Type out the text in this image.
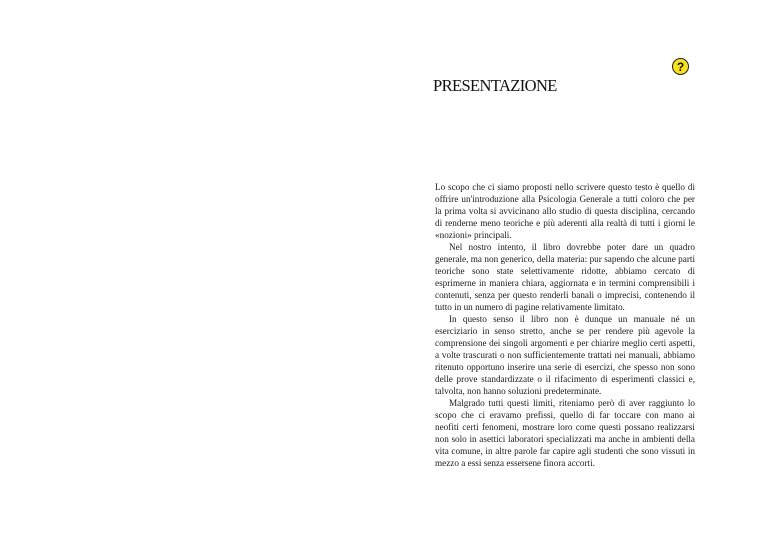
?
PRESENTAZIONE

Lo scopo che ci siamo proposti nello scrivere questo testo è quello di offrire un'introduzione alla Psicologia Generale a tutti coloro che per la prima volta si avvicinano allo studio di questa disciplina, cercando di renderne meno teoriche e più aderenti alla realtà di tutti i giorni le «nozioni» principali.

Nel nostro intento, il libro dovrebbe poter dare un quadro generale, ma non generico, della materia: pur sapendo che alcune parti teoriche sono state selettivamente ridotte, abbiamo cercato di esprimerne in maniera chiara, aggiornata e in termini comprensibili i contenuti, senza per questo renderli banali o imprecisi, contenendo il tutto in un numero di pagine relativamente limitato.

In questo senso il libro non è dunque un manuale né un eserciziario in senso stretto, anche se per rendere più agevole la comprensione dei singoli argomenti e per chiarire meglio certi aspetti, a volte trascurati o non sufficientemente trattati nei manuali, abbiamo ritenuto opportuno inserire una serie di esercizi, che spesso non sono delle prove standardizzate o il rifacimento di esperimenti classici e, talvolta, non hanno soluzioni predeterminate.

Malgrado tutti questi limiti, riteniamo però di aver raggiunto lo scopo che ci eravamo prefissi, quello di far toccare con mano ai neofiti certi fenomeni, mostrare loro come questi possano realizzarsi non solo in asettici laboratori specializzati ma anche in ambienti della vita comune, in altre parole far capire agli studenti che sono vissuti in mezzo a essi senza essersene finora accorti.
